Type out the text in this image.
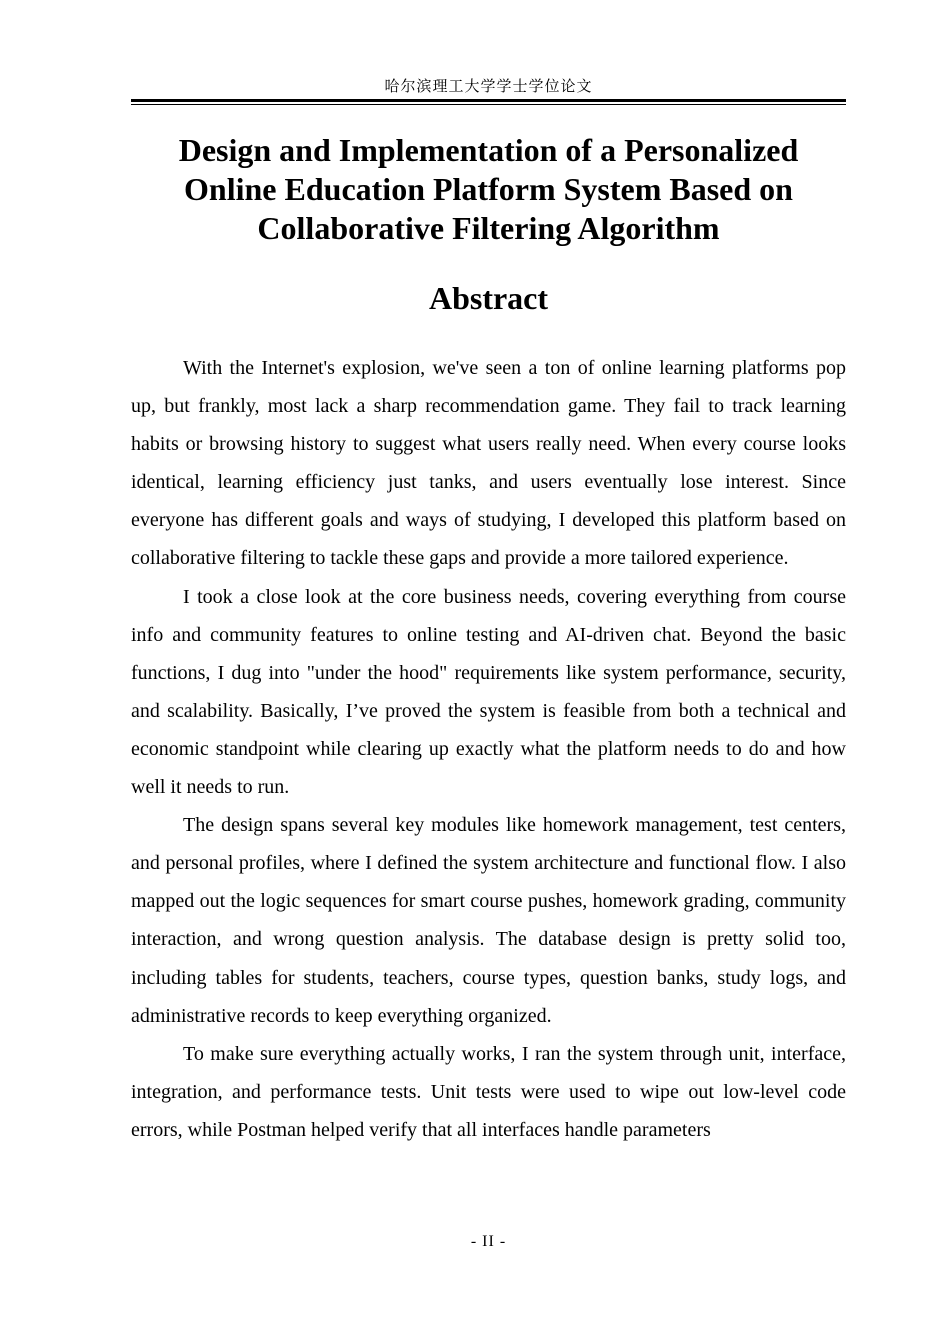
哈尔滨理工大学学士学位论文
Design and Implementation of a Personalized
Online Education Platform System Based on
Collaborative Filtering Algorithm
Abstract

With the Internet's explosion, we've seen a ton of online learning platforms pop up, but frankly, most lack a sharp recommendation game. They fail to track learning habits or browsing history to suggest what users really need. When every course looks identical, learning efficiency just tanks, and users eventually lose interest. Since everyone has different goals and ways of studying, I developed this platform based on collaborative filtering to tackle these gaps and provide a more tailored experience.

I took a close look at the core business needs, covering everything from course info and community features to online testing and AI-driven chat. Beyond the basic functions, I dug into "under the hood" requirements like system performance, security, and scalability. Basically, I’ve proved the system is feasible from both a technical and economic standpoint while clearing up exactly what the platform needs to do and how well it needs to run.

The design spans several key modules like homework management, test centers, and personal profiles, where I defined the system architecture and functional flow. I also mapped out the logic sequences for smart course pushes, homework grading, community interaction, and wrong question analysis. The database design is pretty solid too, including tables for students, teachers, course types, question banks, study logs, and administrative records to keep everything organized.

To make sure everything actually works, I ran the system through unit, interface, integration, and performance tests. Unit tests were used to wipe out low-level code errors, while Postman helped verify that all interfaces handle parameters

- II -
